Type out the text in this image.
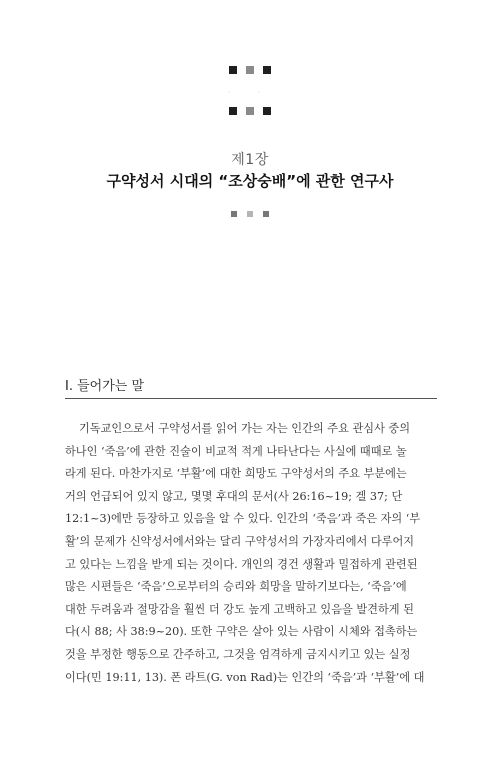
◦ ◦
제1장
구약성서 시대의 “조상숭배”에 관한 연구사
I. 들어가는 말
기독교인으로서 구약성서를 읽어 가는 자는 인간의 주요 관심사 중의
하나인 ‘죽음’에 관한 진술이 비교적 적게 나타난다는 사실에 때때로 놀
라게 된다. 마찬가지로 ‘부활’에 대한 희망도 구약성서의 주요 부분에는
거의 언급되어 있지 않고, 몇몇 후대의 문서(사 26:16~19; 겔 37; 단
12:1~3)에만 등장하고 있음을 알 수 있다. 인간의 ‘죽음’과 죽은 자의 ‘부
활’의 문제가 신약성서에서와는 달리 구약성서의 가장자리에서 다루어지
고 있다는 느낌을 받게 되는 것이다. 개인의 경건 생활과 밀접하게 관련된
많은 시편들은 ‘죽음’으로부터의 승리와 희망을 말하기보다는, ‘죽음’에
대한 두려움과 절망감을 훨씬 더 강도 높게 고백하고 있음을 발견하게 된
다(시 88; 사 38:9~20). 또한 구약은 살아 있는 사람이 시체와 접촉하는
것을 부정한 행동으로 간주하고, 그것을 엄격하게 금지시키고 있는 실정
이다(민 19:11, 13). 폰 라트(G. von Rad)는 인간의 ‘죽음’과 ‘부활’에 대
